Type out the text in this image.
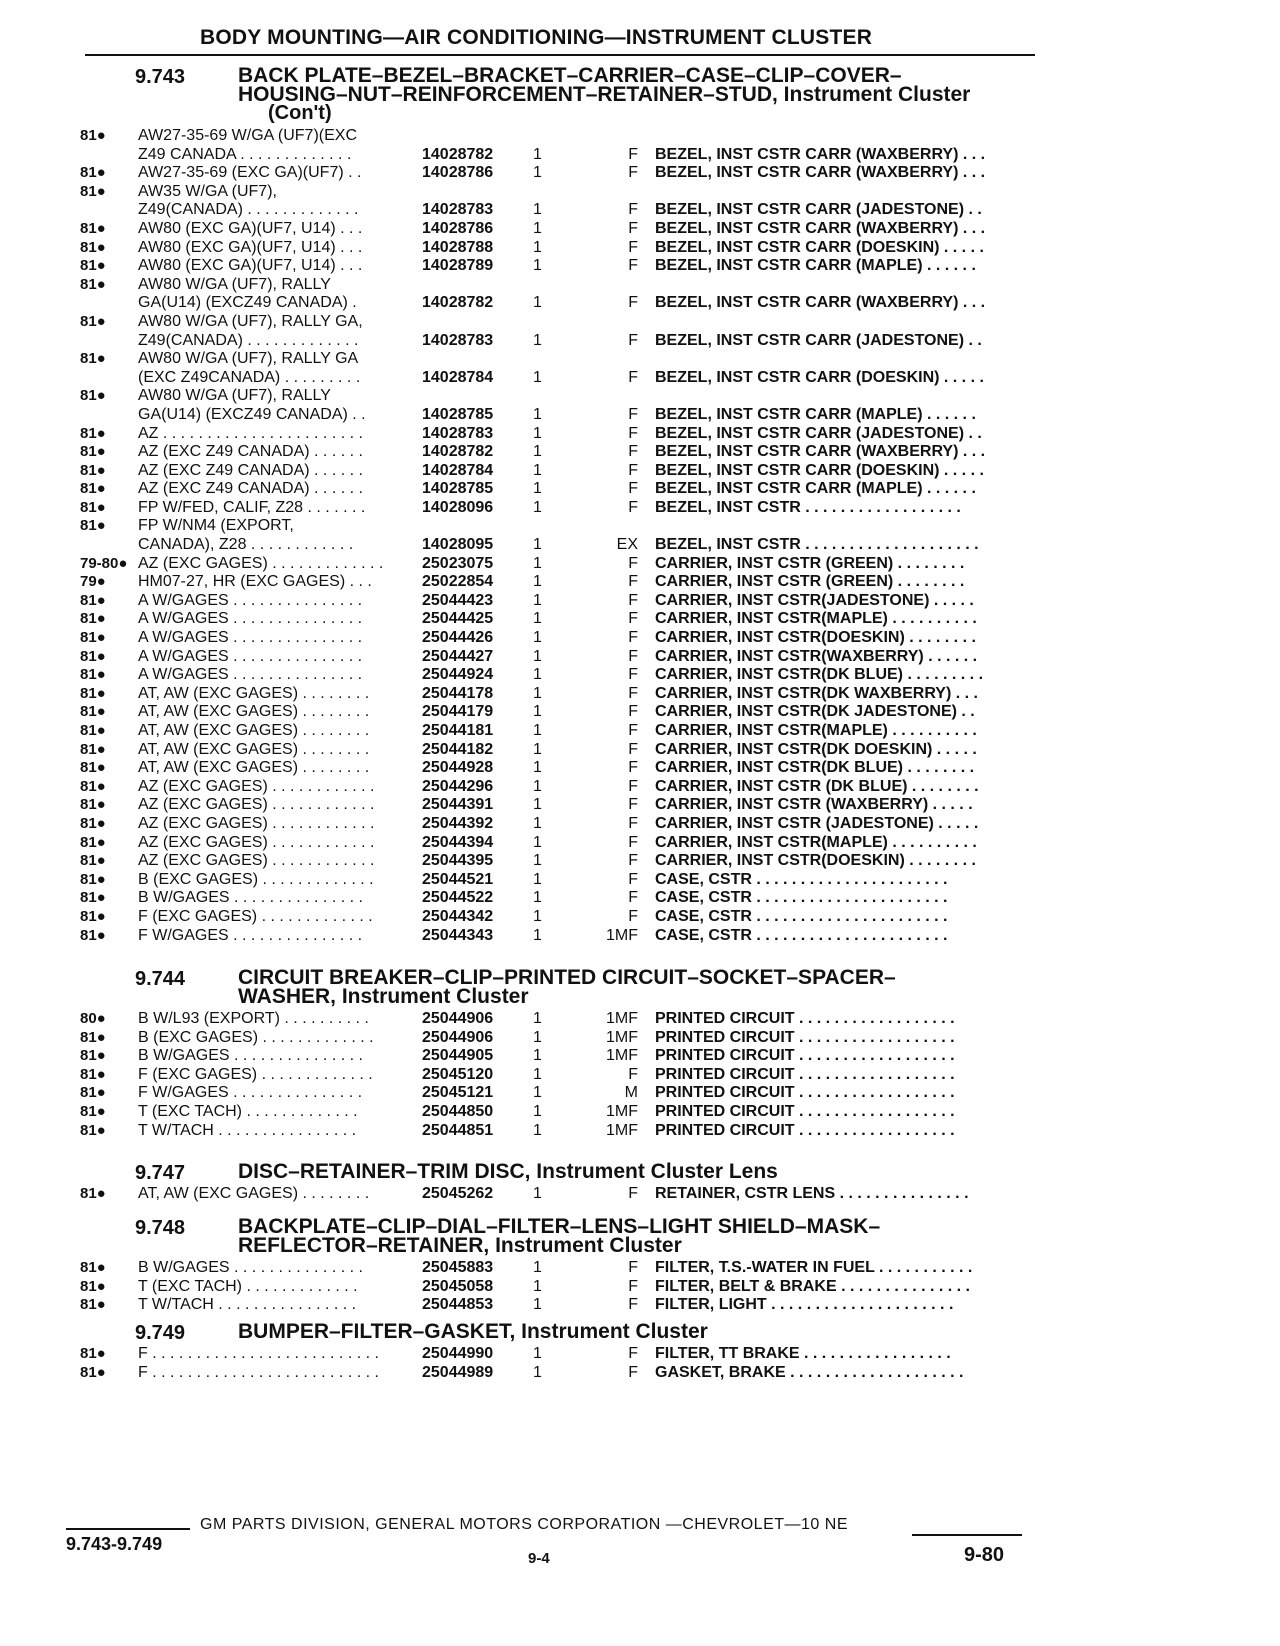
BODY MOUNTING—AIR CONDITIONING—INSTRUMENT CLUSTER
9.743	BACK PLATE–BEZEL–BRACKET–CARRIER–CASE–CLIP–COVER– HOUSING–NUT–REINFORCEMENT–RETAINER–STUD, Instrument Cluster
(Con't)
81●	AW27-35-69 W/GA (UF7)(EXC
Z49 CANADA . . . . . . . . . . . . .	14028782	1	F BEZEL, INST CSTR CARR (WAXBERRY) . . .
81●	AW27-35-69 (EXC GA)(UF7) . .	14028786	1	F BEZEL, INST CSTR CARR (WAXBERRY) . . .
81●	AW35 W/GA (UF7),
Z49(CANADA) . . . . . . . . . . . . .	14028783	1	F BEZEL, INST CSTR CARR (JADESTONE) . .
81●	AW80 (EXC GA)(UF7, U14) . . .	14028786	1	F BEZEL, INST CSTR CARR (WAXBERRY) . . .
81●	AW80 (EXC GA)(UF7, U14) . . .	14028788	1	F BEZEL, INST CSTR CARR (DOESKIN) . . . . .
81●	AW80 (EXC GA)(UF7, U14) . . .	14028789	1	F BEZEL, INST CSTR CARR (MAPLE) . . . . . .
81●	AW80 W/GA (UF7), RALLY
GA(U14) (EXCZ49 CANADA) .	14028782	1	F BEZEL, INST CSTR CARR (WAXBERRY) . . .
81●	AW80 W/GA (UF7), RALLY GA,
Z49(CANADA) . . . . . . . . . . . . .	14028783	1	F BEZEL, INST CSTR CARR (JADESTONE) . .
81●	AW80 W/GA (UF7), RALLY GA
(EXC Z49CANADA) . . . . . . . . .	14028784	1	F BEZEL, INST CSTR CARR (DOESKIN) . . . . .
81●	AW80 W/GA (UF7), RALLY
GA(U14) (EXCZ49 CANADA) . .	14028785	1	F BEZEL, INST CSTR CARR (MAPLE) . . . . . .
81●	AZ . . . . . . . . . . . . . . . . . . . . . . .	14028783	1	F BEZEL, INST CSTR CARR (JADESTONE) . .
81●	AZ (EXC Z49 CANADA) . . . . . .	14028782	1	F BEZEL, INST CSTR CARR (WAXBERRY) . . .
81●	AZ (EXC Z49 CANADA) . . . . . .	14028784	1	F BEZEL, INST CSTR CARR (DOESKIN) . . . . .
81●	AZ (EXC Z49 CANADA) . . . . . .	14028785	1	F BEZEL, INST CSTR CARR (MAPLE) . . . . . .
81●	FP W/FED, CALIF, Z28 . . . . . . .	14028096	1	F BEZEL, INST CSTR . . . . . . . . . . . . . . . . . .
81●	FP W/NM4 (EXPORT,
CANADA), Z28 . . . . . . . . . . . .	14028095	1	EX BEZEL, INST CSTR . . . . . . . . . . . . . . . . . . . .
79-80● AZ (EXC GAGES) . . . . . . . . . . . . .	25023075	1	F CARRIER, INST CSTR (GREEN) . . . . . . . .
79●	HM07-27, HR (EXC GAGES) . . .	25022854	1	F CARRIER, INST CSTR (GREEN) . . . . . . . .
81●	A W/GAGES . . . . . . . . . . . . . . .	25044423	1	F CARRIER, INST CSTR(JADESTONE) . . . . .
81●	A W/GAGES . . . . . . . . . . . . . . .	25044425	1	F CARRIER, INST CSTR(MAPLE) . . . . . . . . . .
81●	A W/GAGES . . . . . . . . . . . . . . .	25044426	1	F CARRIER, INST CSTR(DOESKIN) . . . . . . . .
81●	A W/GAGES . . . . . . . . . . . . . . .	25044427	1	F CARRIER, INST CSTR(WAXBERRY) . . . . . .
81●	A W/GAGES . . . . . . . . . . . . . . .	25044924	1	F CARRIER, INST CSTR(DK BLUE) . . . . . . . . .
81●	AT, AW (EXC GAGES) . . . . . . . .	25044178	1	F CARRIER, INST CSTR(DK WAXBERRY) . . .
81●	AT, AW (EXC GAGES) . . . . . . . .	25044179	1	F CARRIER, INST CSTR(DK JADESTONE) . .
81●	AT, AW (EXC GAGES) . . . . . . . .	25044181	1	F CARRIER, INST CSTR(MAPLE) . . . . . . . . . .
81●	AT, AW (EXC GAGES) . . . . . . . .	25044182	1	F CARRIER, INST CSTR(DK DOESKIN) . . . . .
81●	AT, AW (EXC GAGES) . . . . . . . .	25044928	1	F CARRIER, INST CSTR(DK BLUE) . . . . . . . .
81●	AZ (EXC GAGES) . . . . . . . . . . . .	25044296	1	F CARRIER, INST CSTR (DK BLUE) . . . . . . . .
81●	AZ (EXC GAGES) . . . . . . . . . . . .	25044391	1	F CARRIER, INST CSTR (WAXBERRY) . . . . .
81●	AZ (EXC GAGES) . . . . . . . . . . . .	25044392	1	F CARRIER, INST CSTR (JADESTONE) . . . . .
81●	AZ (EXC GAGES) . . . . . . . . . . . .	25044394	1	F CARRIER, INST CSTR(MAPLE) . . . . . . . . . .
81●	AZ (EXC GAGES) . . . . . . . . . . . .	25044395	1	F CARRIER, INST CSTR(DOESKIN) . . . . . . . .
81●	B (EXC GAGES) . . . . . . . . . . . . .	25044521	1	F CASE, CSTR . . . . . . . . . . . . . . . . . . . . . .
81●	B W/GAGES . . . . . . . . . . . . . . .	25044522	1	F CASE, CSTR . . . . . . . . . . . . . . . . . . . . . .
81●	F (EXC GAGES) . . . . . . . . . . . . .	25044342	1	F CASE, CSTR . . . . . . . . . . . . . . . . . . . . . .
81●	F W/GAGES . . . . . . . . . . . . . . .	25044343	1	1MF CASE, CSTR . . . . . . . . . . . . . . . . . . . . . .
9.744	CIRCUIT BREAKER–CLIP–PRINTED CIRCUIT–SOCKET–SPACER– WASHER, Instrument Cluster
80●	B W/L93 (EXPORT) . . . . . . . . . .	25044906	1	1MF PRINTED CIRCUIT . . . . . . . . . . . . . . . . . .
81●	B (EXC GAGES) . . . . . . . . . . . . .	25044906	1	1MF PRINTED CIRCUIT . . . . . . . . . . . . . . . . . .
81●	B W/GAGES . . . . . . . . . . . . . . .	25044905	1	1MF PRINTED CIRCUIT . . . . . . . . . . . . . . . . . .
81●	F (EXC GAGES) . . . . . . . . . . . . .	25045120	1	F PRINTED CIRCUIT . . . . . . . . . . . . . . . . . .
81●	F W/GAGES . . . . . . . . . . . . . . .	25045121	1	M PRINTED CIRCUIT . . . . . . . . . . . . . . . . . .
81●	T (EXC TACH) . . . . . . . . . . . . .	25044850	1	1MF PRINTED CIRCUIT . . . . . . . . . . . . . . . . . .
81●	T W/TACH . . . . . . . . . . . . . . . .	25044851	1	1MF PRINTED CIRCUIT . . . . . . . . . . . . . . . . . .
9.747	DISC–RETAINER–TRIM DISC, Instrument Cluster Lens
81●	AT, AW (EXC GAGES) . . . . . . . .	25045262	1	F RETAINER, CSTR LENS . . . . . . . . . . . . . . .
9.748	BACKPLATE–CLIP–DIAL–FILTER–LENS–LIGHT SHIELD–MASK– REFLECTOR–RETAINER, Instrument Cluster
81●	B W/GAGES . . . . . . . . . . . . . . .	25045883	1	F FILTER, T.S.-WATER IN FUEL . . . . . . . . . . .
81●	T (EXC TACH) . . . . . . . . . . . . .	25045058	1	F FILTER, BELT & BRAKE . . . . . . . . . . . . . . .
81●	T W/TACH . . . . . . . . . . . . . . . .	25044853	1	F FILTER, LIGHT . . . . . . . . . . . . . . . . . . . . .
9.749	BUMPER–FILTER–GASKET, Instrument Cluster
81●	F . . . . . . . . . . . . . . . . . . . . . . . . . .	25044990	1	F FILTER, TT BRAKE . . . . . . . . . . . . . . . . .
81●	F . . . . . . . . . . . . . . . . . . . . . . . . . .	25044989	1	F GASKET, BRAKE . . . . . . . . . . . . . . . . . . . .
GM PARTS DIVISION, GENERAL MOTORS CORPORATION —CHEVROLET—10 NE
9.743-9.749
9-4	9-80
